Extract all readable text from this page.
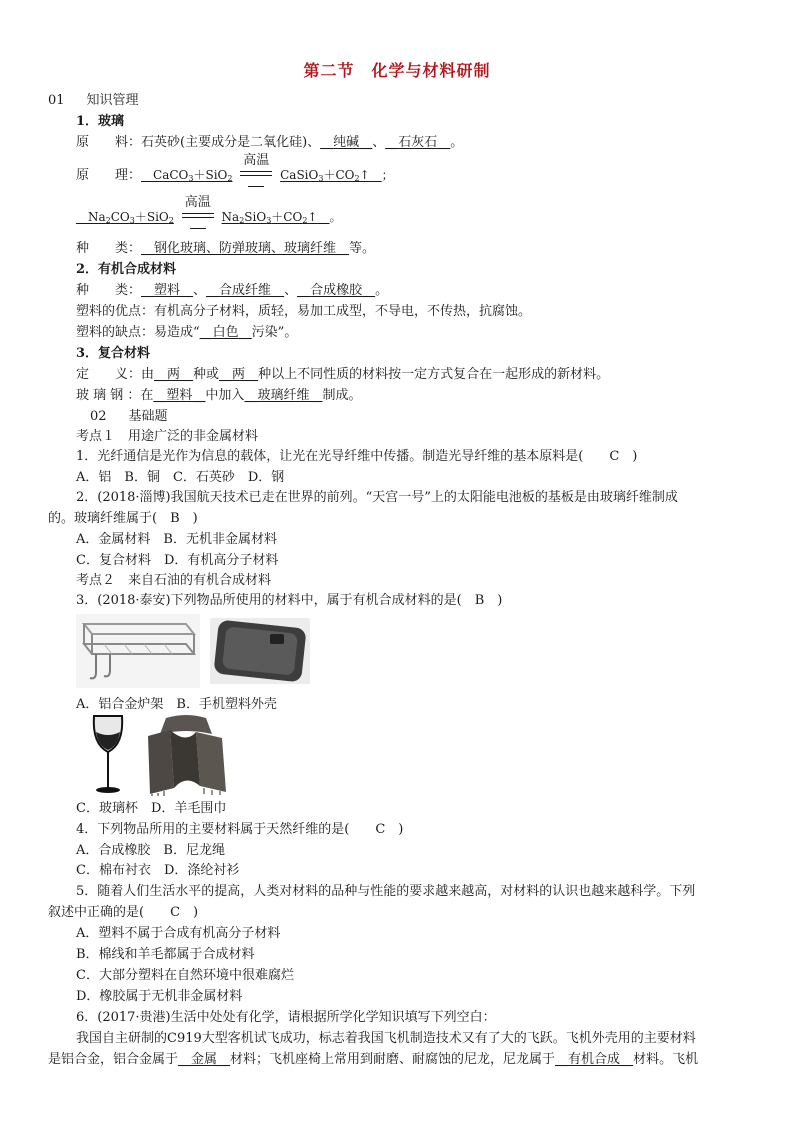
第二节　化学与材料研制
01 知识管理
1．玻璃
原　　料：石英砂(主要成分是二氧化硅)、__纯碱__、__石灰石__。
原　　理：__CaCO$_3$＋SiO$_2$
高温
$CaSiO_3+CO_2↑\_\_$；
$\_\_Na_2CO_3+SiO_2$
高温
$Na_2SiO_3+CO_2↑\_\_$。
种　　类：__钢化玻璃、防弹玻璃、玻璃纤维__等。
2．有机合成材料
种　　类：__塑料__、__合成纤维__、__合成橡胶__。
塑料的优点：有机高分子材料，质轻，易加工成型，不导电，不传热，抗腐蚀。
塑料的缺点：易造成“__白色__污染”。
3．复合材料
定　　义：由__两__种或__两__种以上不同性质的材料按一定方式复合在一起形成的新材料。
玻 璃 钢 ：在__塑料__中加入__玻璃纤维__制成。
02 基础题
考点１　用途广泛的非金属材料
1．光纤通信是光作为信息的载体，让光在光导纤维中传播。制造光导纤维的基本原料是(　　C　)
A．铝　B．铜　C．石英砂　D．钢
2．(2018·淄博)我国航天技术已走在世界的前列。“天宫一号”上的太阳能电池板的基板是由玻璃纤维制成
的。玻璃纤维属于(　B　)
A．金属材料　B．无机非金属材料
C．复合材料　D．有机高分子材料
考点２　来自石油的有机合成材料
3．(2018·泰安)下列物品所使用的材料中，属于有机合成材料的是(　B　)
A．铝合金炉架　B．手机塑料外壳
C．玻璃杯　D．羊毛围巾
4．下列物品所用的主要材料属于天然纤维的是(　　C　)
A．合成橡胶　B．尼龙绳
C．棉布衬衣　D．涤纶衬衫
5．随着人们生活水平的提高，人类对材料的品种与性能的要求越来越高，对材料的认识也越来越科学。下列
叙述中正确的是(　　C　)
A．塑料不属于合成有机高分子材料
B．棉线和羊毛都属于合成材料
C．大部分塑料在自然环境中很难腐烂
D．橡胶属于无机非金属材料
6．(2017·贵港)生活中处处有化学，请根据所学化学知识填写下列空白：
我国自主研制的C919大型客机试飞成功，标志着我国飞机制造技术又有了大的飞跃。飞机外壳用的主要材料
是铝合金，铝合金属于__金属__材料；飞机座椅上常用到耐磨、耐腐蚀的尼龙，尼龙属于__有机合成__材料。飞机
